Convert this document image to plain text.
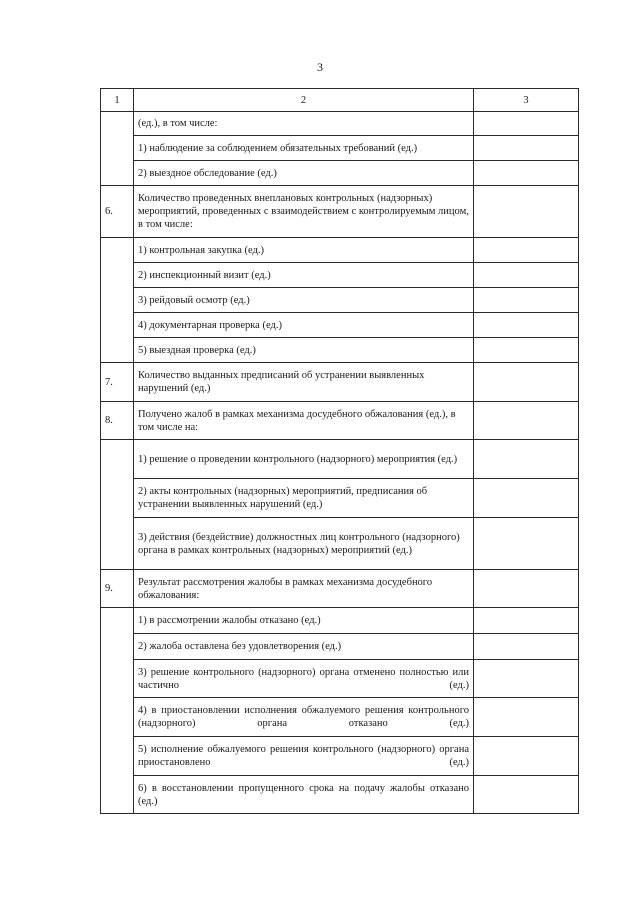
3
1	2	3
	(ед.), в том числе:	
	1) наблюдение за соблюдением обязательных требований (ед.)	
	2) выездное обследование (ед.)	
6.	Количество проведенных внеплановых контрольных (надзорных) мероприятий, проведенных с взаимодействием с контролируемым лицом, в том числе:	
	1) контрольная закупка (ед.)	
	2) инспекционный визит (ед.)	
	3) рейдовый осмотр (ед.)	
	4) документарная проверка (ед.)	
	5) выездная проверка (ед.)	
7.	Количество выданных предписаний об устранении выявленных нарушений (ед.)	
8.	Получено жалоб в рамках механизма досудебного обжалования (ед.), в том числе на:	
	1) решение о проведении контрольного (надзорного) мероприятия (ед.)	
	2) акты контрольных (надзорных) мероприятий, предписания об устранении выявленных нарушений (ед.)	
	3) действия (бездействие) должностных лиц контрольного (надзорного) органа в рамках контрольных (надзорных) мероприятий (ед.)	
9.	Результат рассмотрения жалобы в рамках механизма досудебного обжалования:	
	1) в рассмотрении жалобы отказано (ед.)	
	2) жалоба оставлена без удовлетворения (ед.)	
	3) решение контрольного (надзорного) органа отменено полностью или частично (ед.)	
	4) в приостановлении исполнения обжалуемого решения контрольного (надзорного) органа отказано (ед.)	
	5) исполнение обжалуемого решения контрольного (надзорного) органа приостановлено (ед.)	
	6) в восстановлении пропущенного срока на подачу жалобы отказано (ед.)	
